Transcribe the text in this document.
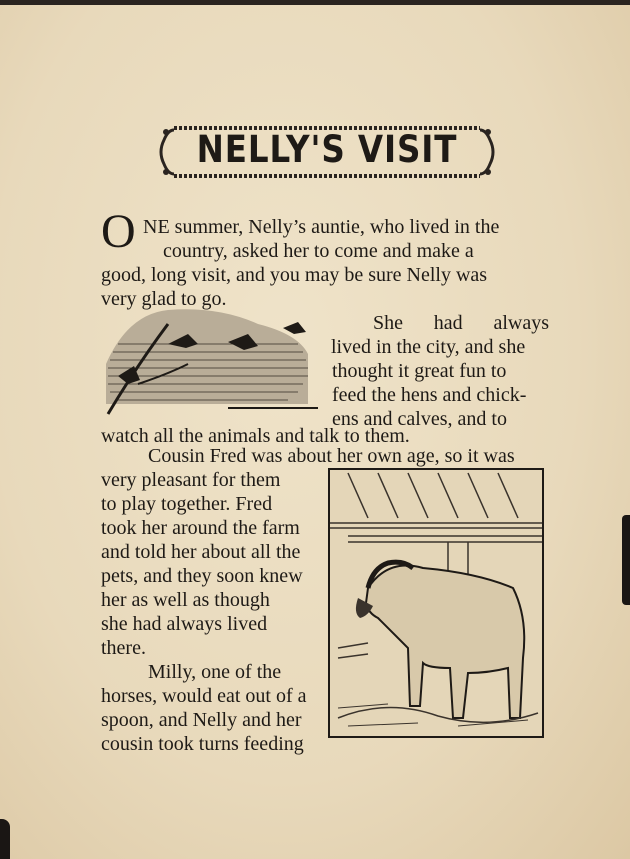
NELLY'S VISIT
O NE summer, Nelly’s auntie, who lived in the
country, asked her to come and make a
good, long visit, and you may be sure Nelly was
very glad to go.
She had always
lived in the city, and she
thought it great fun to
feed the hens and chick-
ens and calves, and to
watch all the animals and talk to them.
Cousin Fred was about her own age, so it was
very pleasant for them
to play together. Fred
took her around the farm
and told her about all the
pets, and they soon knew
her as well as though
she had always lived
there.
Milly, one of the
horses, would eat out of a
spoon, and Nelly and her
cousin took turns feeding
